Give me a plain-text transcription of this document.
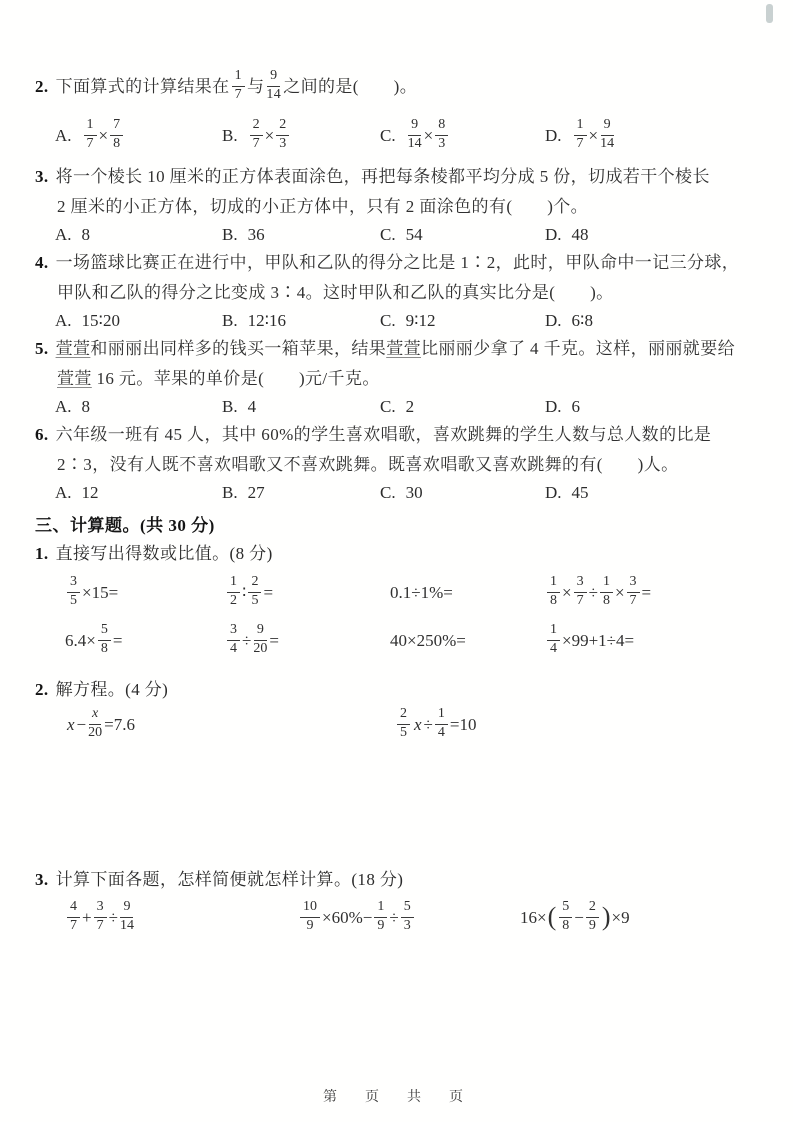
2. 下面算式的计算结果在 $\frac{1}{7}$ 与 $\frac{9}{14}$ 之间的是(　　)。
A. $\frac{1}{7} \times \frac{7}{8}$	B. $\frac{2}{7} \times \frac{2}{3}$	C. $\frac{9}{14} \times \frac{8}{3}$	D. $\frac{1}{7} \times \frac{9}{14}$
3. 将一个棱长 10 厘米的正方体表面涂色，再把每条棱都平均分成 5 份，切成若干个棱长
2 厘米的小正方体，切成的小正方体中，只有 2 面涂色的有(　　)个。
A. 8	B. 36	C. 54	D. 48
4. 一场篮球比赛正在进行中，甲队和乙队的得分之比是 1∶2，此时，甲队命中一记三分球，
甲队和乙队的得分之比变成 3∶4。这时甲队和乙队的真实比分是(　　)。
A. 15∶20	B. 12∶16	C. 9∶12	D. 6∶8
5. 萱萱 和丽丽出同样多的钱买一箱苹果，结果 萱萱 比丽丽少拿了 4 千克。这样，丽丽就要给
萱萱 16 元。苹果的单价是(　　)元/千克。
A. 8	B. 4	C. 2	D. 6
6. 六年级一班有 45 人，其中 60%的学生喜欢唱歌，喜欢跳舞的学生人数与总人数的比是
2∶3，没有人既不喜欢唱歌又不喜欢跳舞。既喜欢唱歌又喜欢跳舞的有(　　)人。
A. 12	B. 27	C. 30	D. 45
三、计算题。(共 30 分)
1. 直接写出得数或比值。(8 分)
$\frac{3}{5} \times 15=$	$\frac{1}{2}$ ∶ $\frac{2}{5}$ =	0.1÷1%=	$\frac{1}{8} \times \frac{3}{7} \div \frac{1}{8} \times \frac{3}{7}$ =
$6.4\times \frac{5}{8}$ =	$\frac{3}{4} \div \frac{9}{20}$ =	40×250%=	$\frac{1}{4} \times 99+1\div 4=$
2. 解方程。(4 分)
$x - \frac{x}{20} =7.6$	$\frac{2}{5}$ $x \div \frac{1}{4} =10$
3. 计算下面各题，怎样简便就怎样计算。(18 分)
$\frac{4}{7} + \frac{3}{7} \div \frac{9}{14}$	$\frac{10}{9} \times 60\%- \frac{1}{9} \div \frac{5}{3}$	16× ( $\frac{5}{8} - \frac{2}{9}$ ) ×9
第　页　共　页
